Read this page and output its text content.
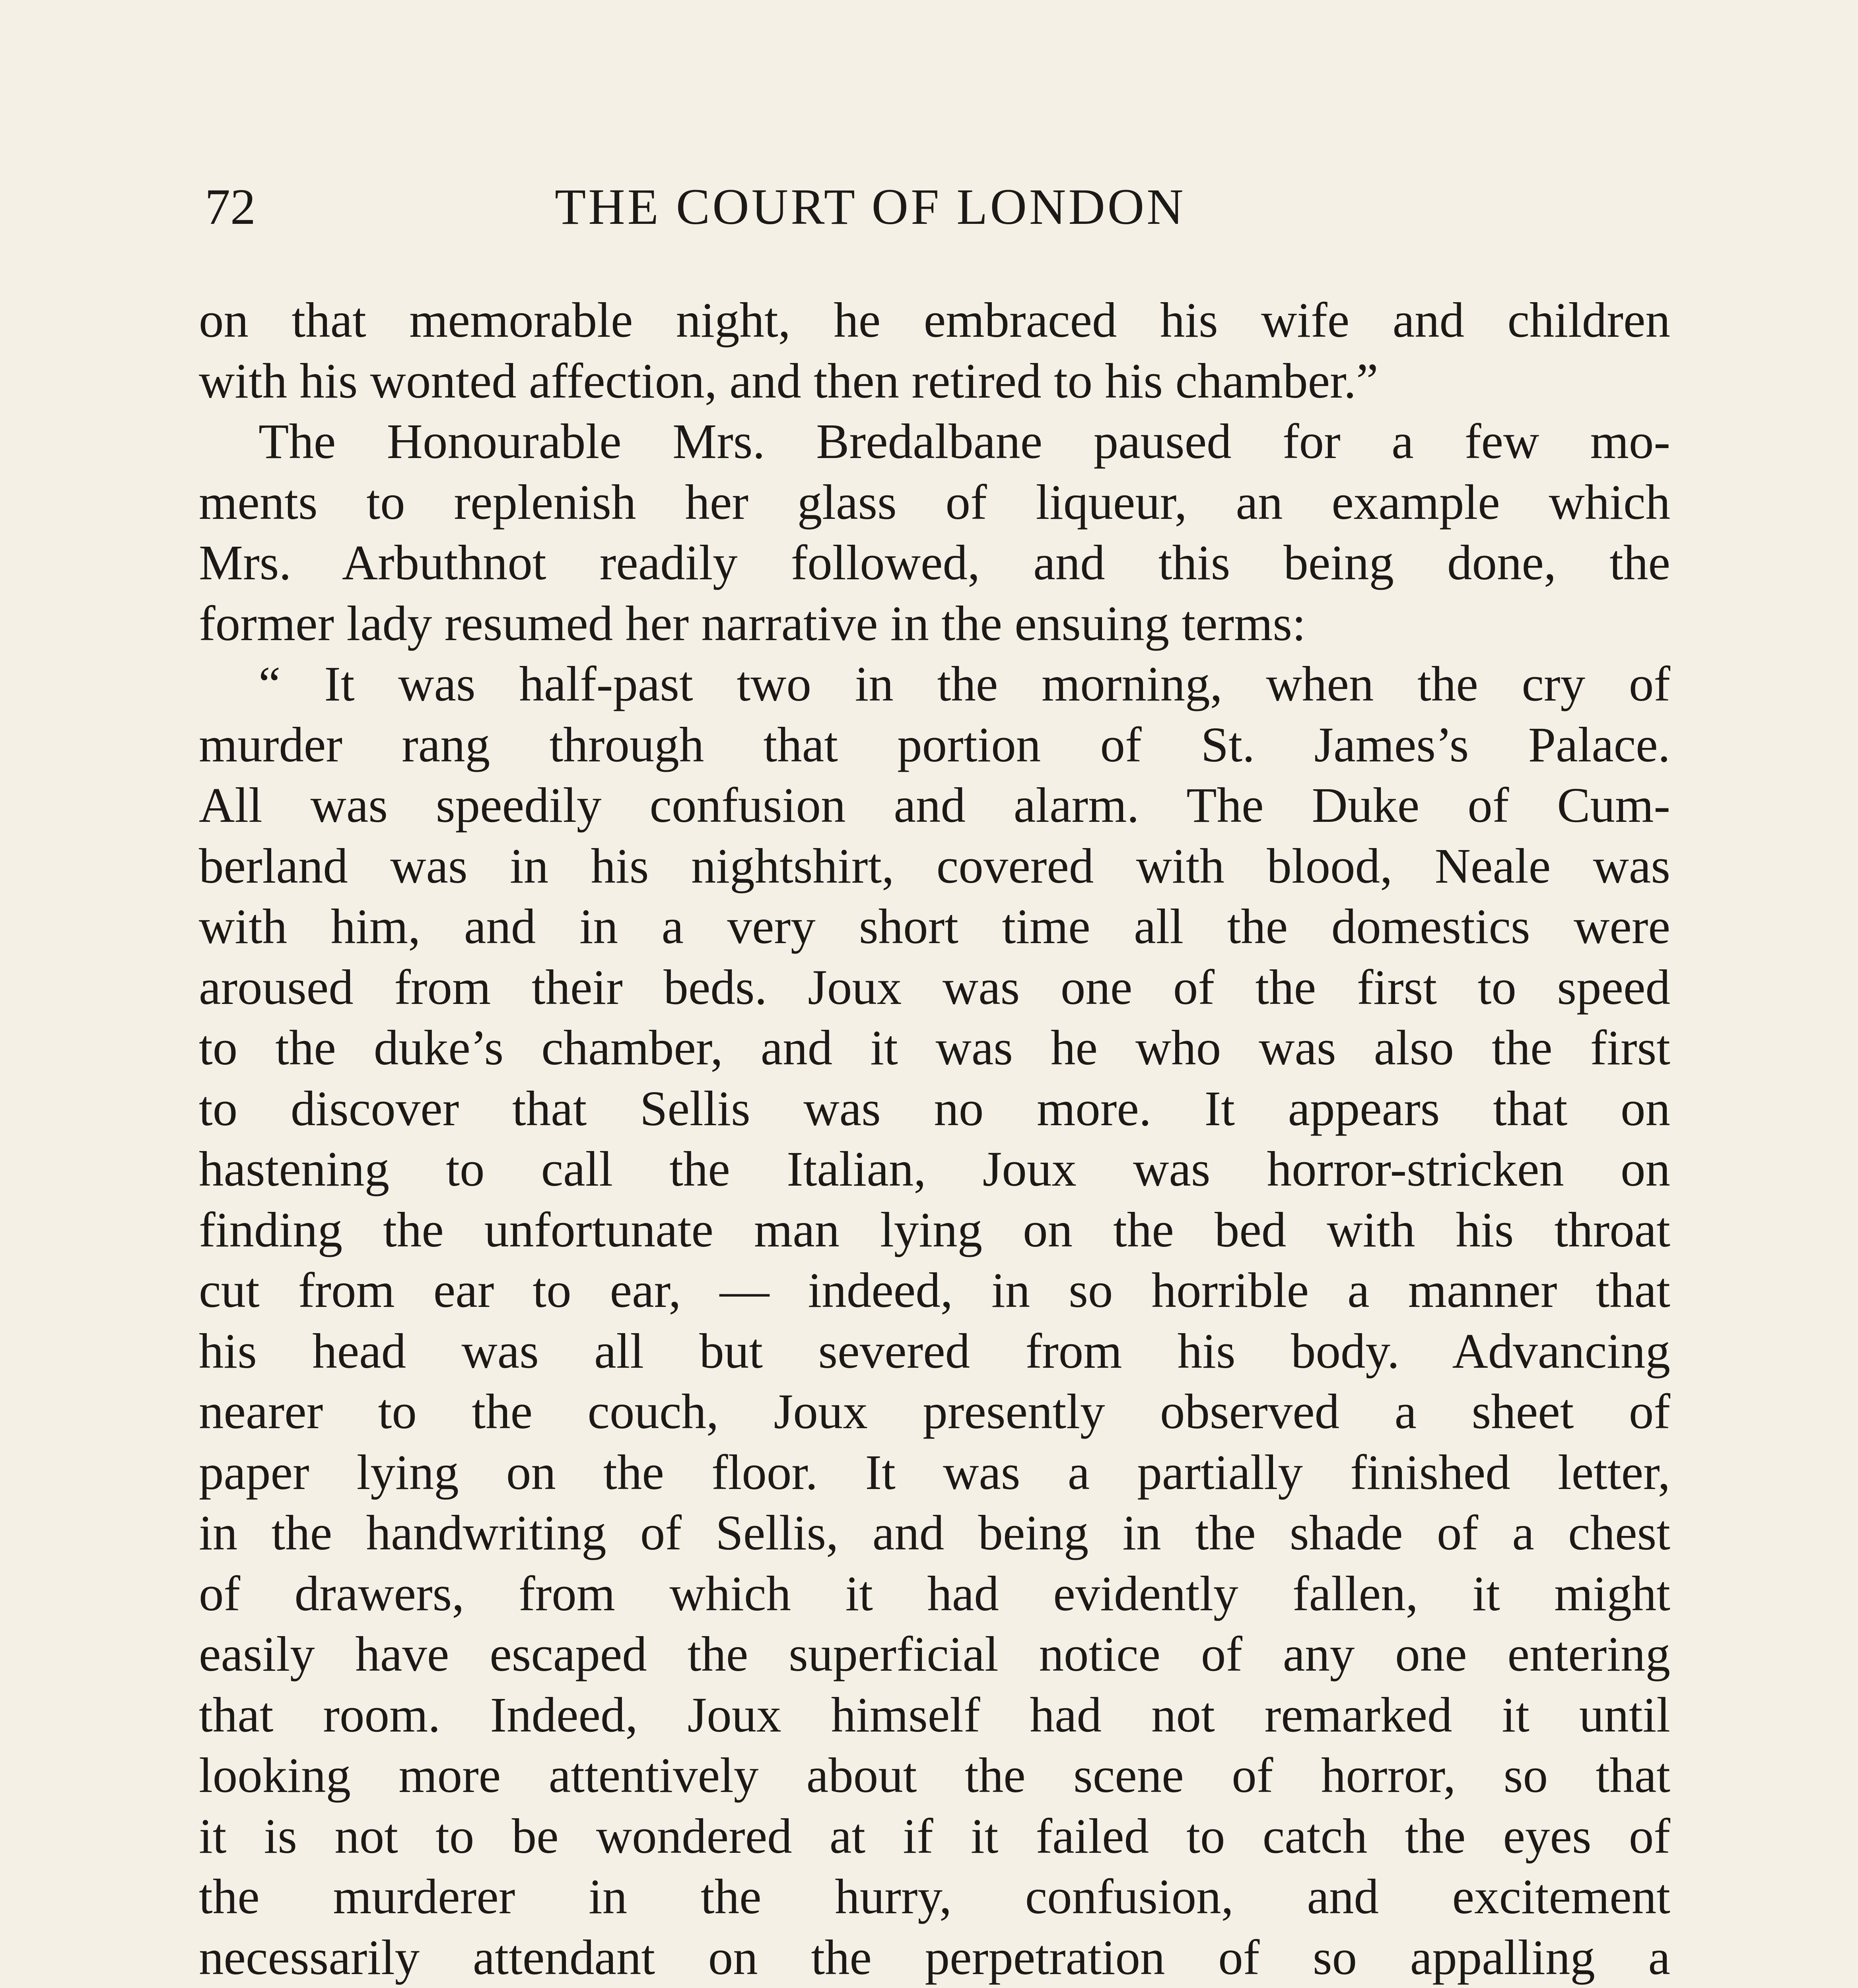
72	THE COURT OF LONDON
on that memorable night, he embraced his wife and children
with his wonted affection, and then retired to his chamber.”
The Honourable Mrs. Bredalbane paused for a few mo-
ments to replenish her glass of liqueur, an example which
Mrs. Arbuthnot readily followed, and this being done, the
former lady resumed her narrative in the ensuing terms:
“ It was half-past two in the morning, when the cry of
murder rang through that portion of St. James’s Palace.
All was speedily confusion and alarm. The Duke of Cum-
berland was in his nightshirt, covered with blood, Neale was
with him, and in a very short time all the domestics were
aroused from their beds. Joux was one of the first to speed
to the duke’s chamber, and it was he who was also the first
to discover that Sellis was no more. It appears that on
hastening to call the Italian, Joux was horror-stricken on
finding the unfortunate man lying on the bed with his throat
cut from ear to ear, — indeed, in so horrible a manner that
his head was all but severed from his body. Advancing
nearer to the couch, Joux presently observed a sheet of
paper lying on the floor. It was a partially finished letter,
in the handwriting of Sellis, and being in the shade of a chest
of drawers, from which it had evidently fallen, it might
easily have escaped the superficial notice of any one entering
that room. Indeed, Joux himself had not remarked it until
looking more attentively about the scene of horror, so that
it is not to be wondered at if it failed to catch the eyes of
the murderer in the hurry, confusion, and excitement
necessarily attendant on the perpetration of so appalling a
